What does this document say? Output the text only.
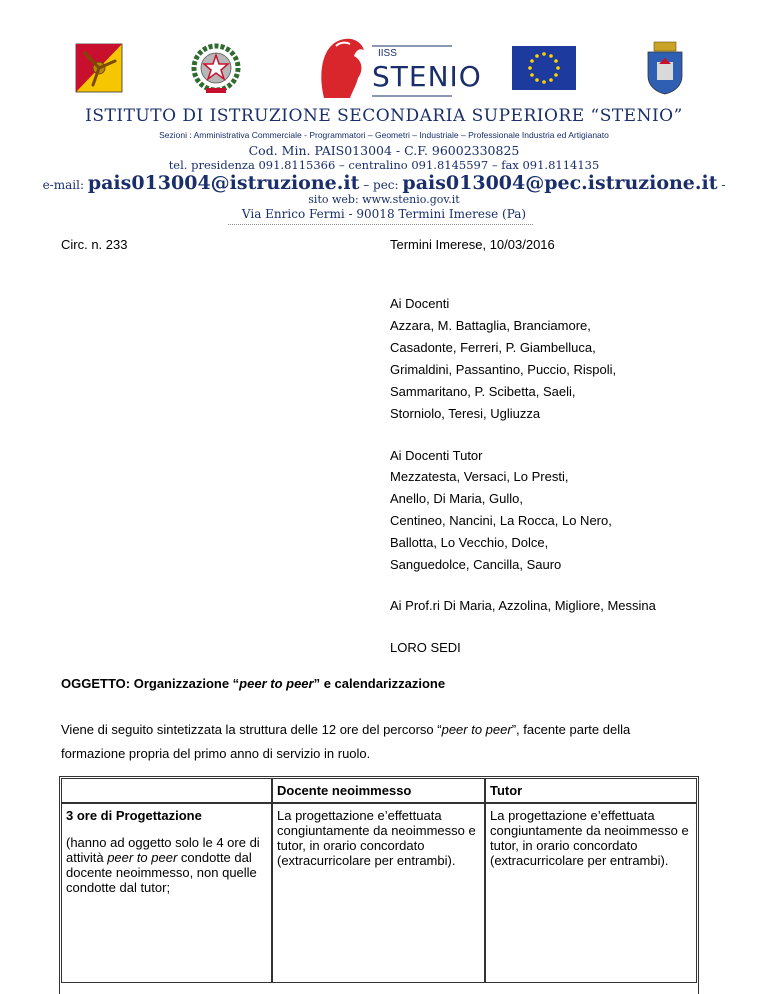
IISS
STENIO
ISTITUTO DI ISTRUZIONE SECONDARIA SUPERIORE “STENIO”
Sezioni : Amministrativa Commerciale - Programmatori – Geometri – Industriale – Professionale Industria ed Artigianato
Cod. Min. PAIS013004 - C.F. 96002330825
tel. presidenza 091.8115366 – centralino 091.8145597 – fax 091.8114135
e-mail: pais013004@istruzione.it – pec: pais013004@pec.istruzione.it -
sito web: www.stenio.gov.it
Via Enrico Fermi - 90018 Termini Imerese (Pa)
Circ. n. 233	Termini Imerese, 10/03/2016
Ai Docenti
Azzara, M. Battaglia, Branciamore,
Casadonte, Ferreri, P. Giambelluca,
Grimaldini, Passantino, Puccio, Rispoli,
Sammaritano, P. Scibetta, Saeli,
Storniolo, Teresi, Ugliuzza
Ai Docenti Tutor
Mezzatesta, Versaci, Lo Presti,
Anello, Di Maria, Gullo,
Centineo, Nancini, La Rocca, Lo Nero,
Ballotta, Lo Vecchio, Dolce,
Sanguedolce, Cancilla, Sauro
Ai Prof.ri Di Maria, Azzolina, Migliore, Messina
LORO SEDI
OGGETTO: Organizzazione “peer to peer” e calendarizzazione
Viene di seguito sintetizzata la struttura delle 12 ore del percorso “peer to peer”, facente parte della
formazione propria del primo anno di servizio in ruolo.
	Docente neoimmesso	Tutor

3 ore di Progettazione
(hanno ad oggetto solo le 4 ore di attività peer to peer condotte dal docente neoimmesso, non quelle condotte dal tutor;	La progettazione e’effettuata congiuntamente da neoimmesso e tutor, in orario concordato (extracurricolare per entrambi).	La progettazione e’effettuata congiuntamente da neoimmesso e tutor, in orario concordato (extracurricolare per entrambi).
